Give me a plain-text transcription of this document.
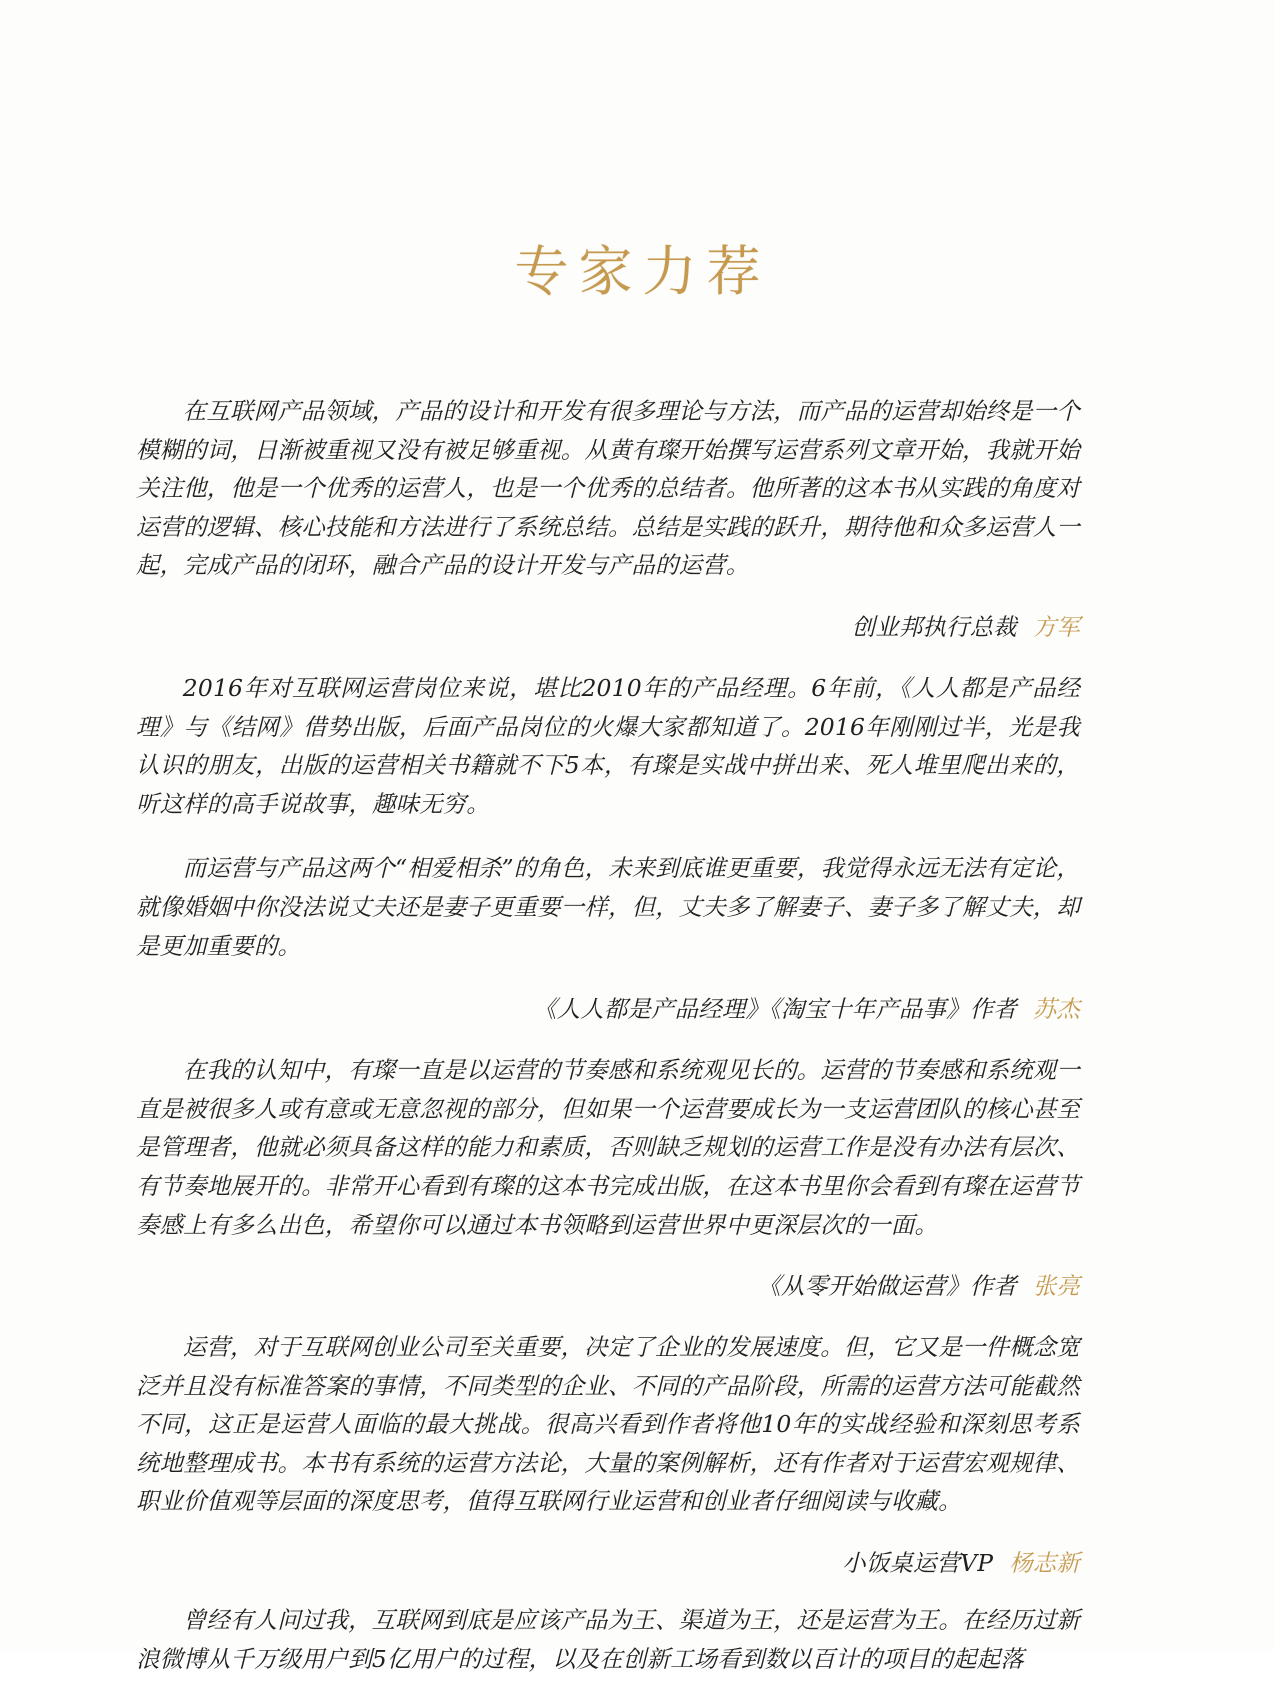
专家力荐

在互联网产品领域，产品的设计和开发有很多理论与方法，而产品的运营却始终是一个模糊的词，日渐被重视又没有被足够重视。从黄有璨开始撰写运营系列文章开始，我就开始关注他，他是一个优秀的运营人，也是一个优秀的总结者。他所著的这本书从实践的角度对运营的逻辑、核心技能和方法进行了系统总结。总结是实践的跃升，期待他和众多运营人一起，完成产品的闭环，融合产品的设计开发与产品的运营。

创业邦执行总裁 方军

2016年对互联网运营岗位来说，堪比2010年的产品经理。6年前，《人人都是产品经理》与《结网》借势出版，后面产品岗位的火爆大家都知道了。2016年刚刚过半，光是我认识的朋友，出版的运营相关书籍就不下5本，有璨是实战中拼出来、死人堆里爬出来的，听这样的高手说故事，趣味无穷。

而运营与产品这两个“相爱相杀”的角色，未来到底谁更重要，我觉得永远无法有定论，就像婚姻中你没法说丈夫还是妻子更重要一样，但，丈夫多了解妻子、妻子多了解丈夫，却是更加重要的。

《人人都是产品经理》《淘宝十年产品事》作者 苏杰

在我的认知中，有璨一直是以运营的节奏感和系统观见长的。运营的节奏感和系统观一直是被很多人或有意或无意忽视的部分，但如果一个运营要成长为一支运营团队的核心甚至是管理者，他就必须具备这样的能力和素质，否则缺乏规划的运营工作是没有办法有层次、有节奏地展开的。非常开心看到有璨的这本书完成出版，在这本书里你会看到有璨在运营节奏感上有多么出色，希望你可以通过本书领略到运营世界中更深层次的一面。

《从零开始做运营》作者 张亮

运营，对于互联网创业公司至关重要，决定了企业的发展速度。但，它又是一件概念宽泛并且没有标准答案的事情，不同类型的企业、不同的产品阶段，所需的运营方法可能截然不同，这正是运营人面临的最大挑战。很高兴看到作者将他10年的实战经验和深刻思考系统地整理成书。本书有系统的运营方法论，大量的案例解析，还有作者对于运营宏观规律、职业价值观等层面的深度思考，值得互联网行业运营和创业者仔细阅读与收藏。

小饭桌运营VP 杨志新

曾经有人问过我，互联网到底是应该产品为王、渠道为王，还是运营为王。在经历过新浪微博从千万级用户到5亿用户的过程，以及在创新工场看到数以百计的项目的起起落
